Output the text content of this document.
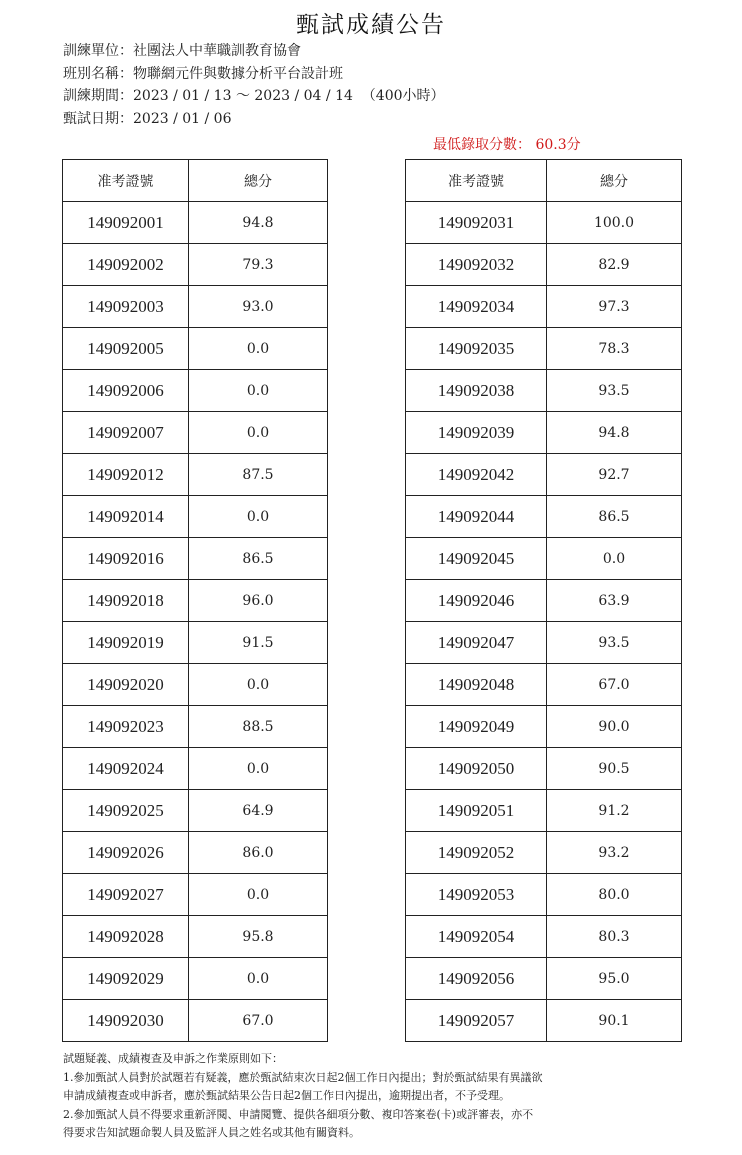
甄試成績公告
訓練單位：社團法人中華職訓教育協會
班別名稱：物聯網元件與數據分析平台設計班
訓練期間：2023 / 01 / 13 ～ 2023 / 04 / 14  （400小時）
甄試日期：2023 / 01 / 06
最低錄取分數： 60.3分
准考證號	總分
149092001	94.8
149092002	79.3
149092003	93.0
149092005	0.0
149092006	0.0
149092007	0.0
149092012	87.5
149092014	0.0
149092016	86.5
149092018	96.0
149092019	91.5
149092020	0.0
149092023	88.5
149092024	0.0
149092025	64.9
149092026	86.0
149092027	0.0
149092028	95.8
149092029	0.0
149092030	67.0
准考證號	總分
149092031	100.0
149092032	82.9
149092034	97.3
149092035	78.3
149092038	93.5
149092039	94.8
149092042	92.7
149092044	86.5
149092045	0.0
149092046	63.9
149092047	93.5
149092048	67.0
149092049	90.0
149092050	90.5
149092051	91.2
149092052	93.2
149092053	80.0
149092054	80.3
149092056	95.0
149092057	90.1
試題疑義、成績複查及申訴之作業原則如下：
1.參加甄試人員對於試題若有疑義，應於甄試結束次日起2個工作日內提出；對於甄試結果有異議欲
申請成績複查或申訴者，應於甄試結果公告日起2個工作日內提出，逾期提出者，不予受理。
2.參加甄試人員不得要求重新評閱、申請閱覽、提供各細項分數、複印答案卷(卡)或評審表，亦不
得要求告知試題命製人員及監評人員之姓名或其他有關資料。
